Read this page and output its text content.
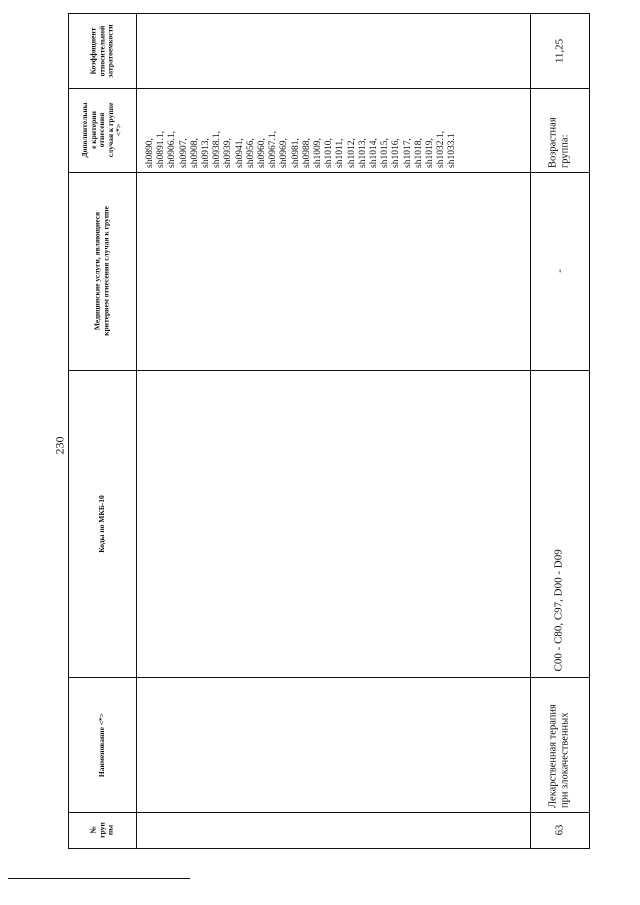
230
Коэффициент относительной затратоемкости
Дополнительны е критерии отнесения случая к группе <*>
Медицинские услуги, являющиеся критерием отнесения случая к группе
Коды по МКБ-10
Наименование <*>
№ груп пы
sh0890, sh0891.1, sh0906.1, sh0907, sh0908, sh0913, sh0938.1, sh0939, sh0941, sh0956, sh0960, sh0967.1, sh0969, sh0981, sh0988, sh1009, sh1010, sh1011, sh1012, sh1013, sh1014, sh1015, sh1016, sh1017, sh1018, sh1019, sh1032.1, sh1033.1
11,25
Возрастная группа:
-
C00 - C80, C97, D00 - D09
Лекарственная терапия при злокачественных
63
